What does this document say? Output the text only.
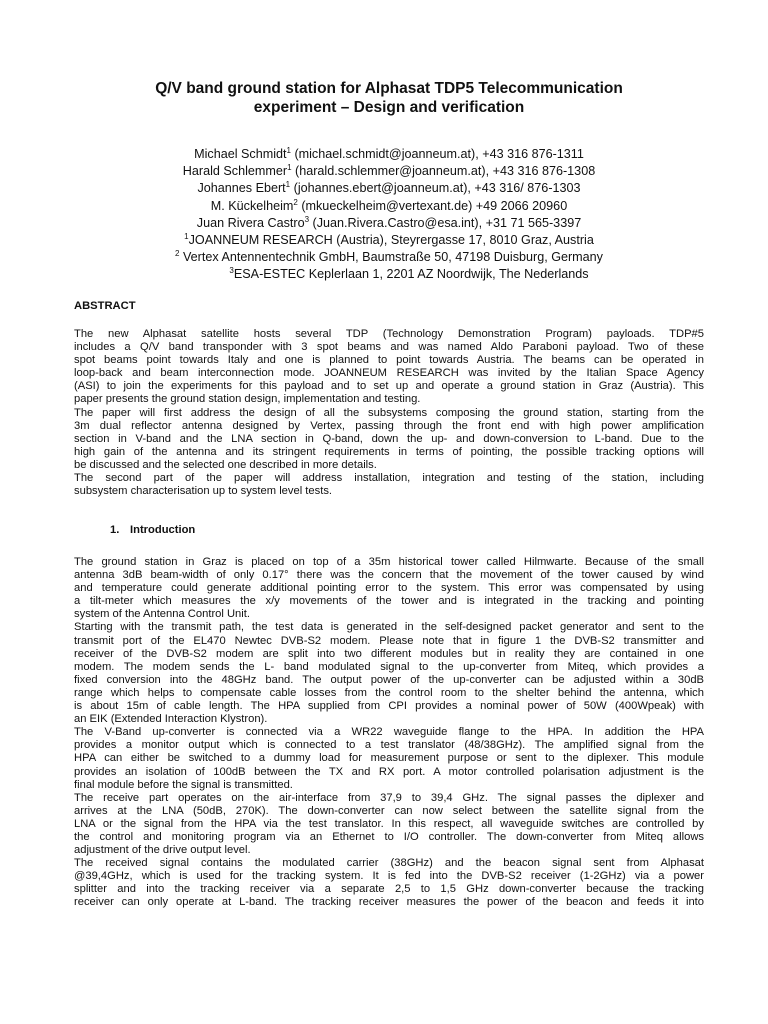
Q/V band ground station for Alphasat TDP5 Telecommunication
experiment – Design and verification
Michael Schmidt$^1$ (michael.schmidt@joanneum.at), +43 316 876-1311
Harald Schlemmer$^1$ (harald.schlemmer@joanneum.at), +43 316 876-1308
Johannes Ebert$^1$ (johannes.ebert@joanneum.at), +43 316/ 876-1303
M. Kückelheim$^2$ (mkueckelheim@vertexant.de) +49 2066 20960
Juan Rivera Castro$^3$ (Juan.Rivera.Castro@esa.int), +31 71 565-3397
$^1$JOANNEUM RESEARCH (Austria), Steyrergasse 17, 8010 Graz, Austria
$^2$ Vertex Antennentechnik GmbH, Baumstraße 50, 47198 Duisburg, Germany
$^3$ESA-ESTEC Keplerlaan 1, 2201 AZ Noordwijk, The Nederlands
ABSTRACT
The new Alphasat satellite hosts several TDP (Technology Demonstration Program) payloads. TDP#5
includes a Q/V band transponder with 3 spot beams and was named Aldo Paraboni payload. Two of these
spot beams point towards Italy and one is planned to point towards Austria. The beams can be operated in
loop-back and beam interconnection mode. JOANNEUM RESEARCH was invited by the Italian Space Agency
(ASI) to join the experiments for this payload and to set up and operate a ground station in Graz (Austria). This
paper presents the ground station design, implementation and testing.
The paper will first address the design of all the subsystems composing the ground station, starting from the
3m dual reflector antenna designed by Vertex, passing through the front end with high power amplification
section in V-band and the LNA section in Q-band, down the up- and down-conversion to L-band. Due to the
high gain of the antenna and its stringent requirements in terms of pointing, the possible tracking options will
be discussed and the selected one described in more details.
The second part of the paper will address installation, integration and testing of the station, including
subsystem characterisation up to system level tests.
1. Introduction
The ground station in Graz is placed on top of a 35m historical tower called Hilmwarte. Because of the small
antenna 3dB beam-width of only 0.17° there was the concern that the movement of the tower caused by wind
and temperature could generate additional pointing error to the system. This error was compensated by using
a tilt-meter which measures the x/y movements of the tower and is integrated in the tracking and pointing
system of the Antenna Control Unit.
Starting with the transmit path, the test data is generated in the self-designed packet generator and sent to the
transmit port of the EL470 Newtec DVB-S2 modem. Please note that in figure 1 the DVB-S2 transmitter and
receiver of the DVB-S2 modem are split into two different modules but in reality they are contained in one
modem. The modem sends the L- band modulated signal to the up-converter from Miteq, which provides a
fixed conversion into the 48GHz band. The output power of the up-converter can be adjusted within a 30dB
range which helps to compensate cable losses from the control room to the shelter behind the antenna, which
is about 15m of cable length. The HPA supplied from CPI provides a nominal power of 50W (400Wpeak) with
an EIK (Extended Interaction Klystron).
The V-Band up-converter is connected via a WR22 waveguide flange to the HPA. In addition the HPA
provides a monitor output which is connected to a test translator (48/38GHz). The amplified signal from the
HPA can either be switched to a dummy load for measurement purpose or sent to the diplexer. This module
provides an isolation of 100dB between the TX and RX port. A motor controlled polarisation adjustment is the
final module before the signal is transmitted.
The receive part operates on the air-interface from 37,9 to 39,4 GHz. The signal passes the diplexer and
arrives at the LNA (50dB, 270K). The down-converter can now select between the satellite signal from the
LNA or the signal from the HPA via the test translator. In this respect, all waveguide switches are controlled by
the control and monitoring program via an Ethernet to I/O controller. The down-converter from Miteq allows
adjustment of the drive output level.
The received signal contains the modulated carrier (38GHz) and the beacon signal sent from Alphasat
@39,4GHz, which is used for the tracking system. It is fed into the DVB-S2 receiver (1-2GHz) via a power
splitter and into the tracking receiver via a separate 2,5 to 1,5 GHz down-converter because the tracking
receiver can only operate at L-band. The tracking receiver measures the power of the beacon and feeds it into
